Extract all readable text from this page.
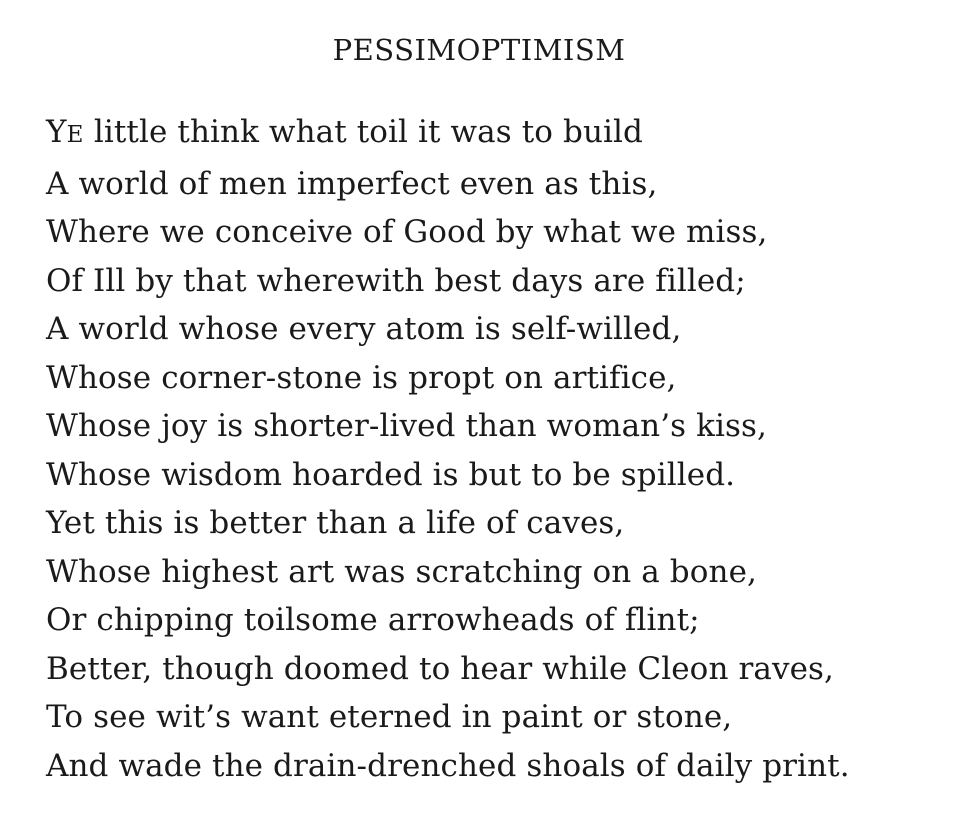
PESSIMOPTIMISM
YE little think what toil it was to build
A world of men imperfect even as this,
Where we conceive of Good by what we miss,
Of Ill by that wherewith best days are filled;
A world whose every atom is self-willed,
Whose corner-stone is propt on artifice,
Whose joy is shorter-lived than woman’s kiss,
Whose wisdom hoarded is but to be spilled.
Yet this is better than a life of caves,
Whose highest art was scratching on a bone,
Or chipping toilsome arrowheads of flint;
Better, though doomed to hear while Cleon raves,
To see wit’s want eterned in paint or stone,
And wade the drain-drenched shoals of daily print.
